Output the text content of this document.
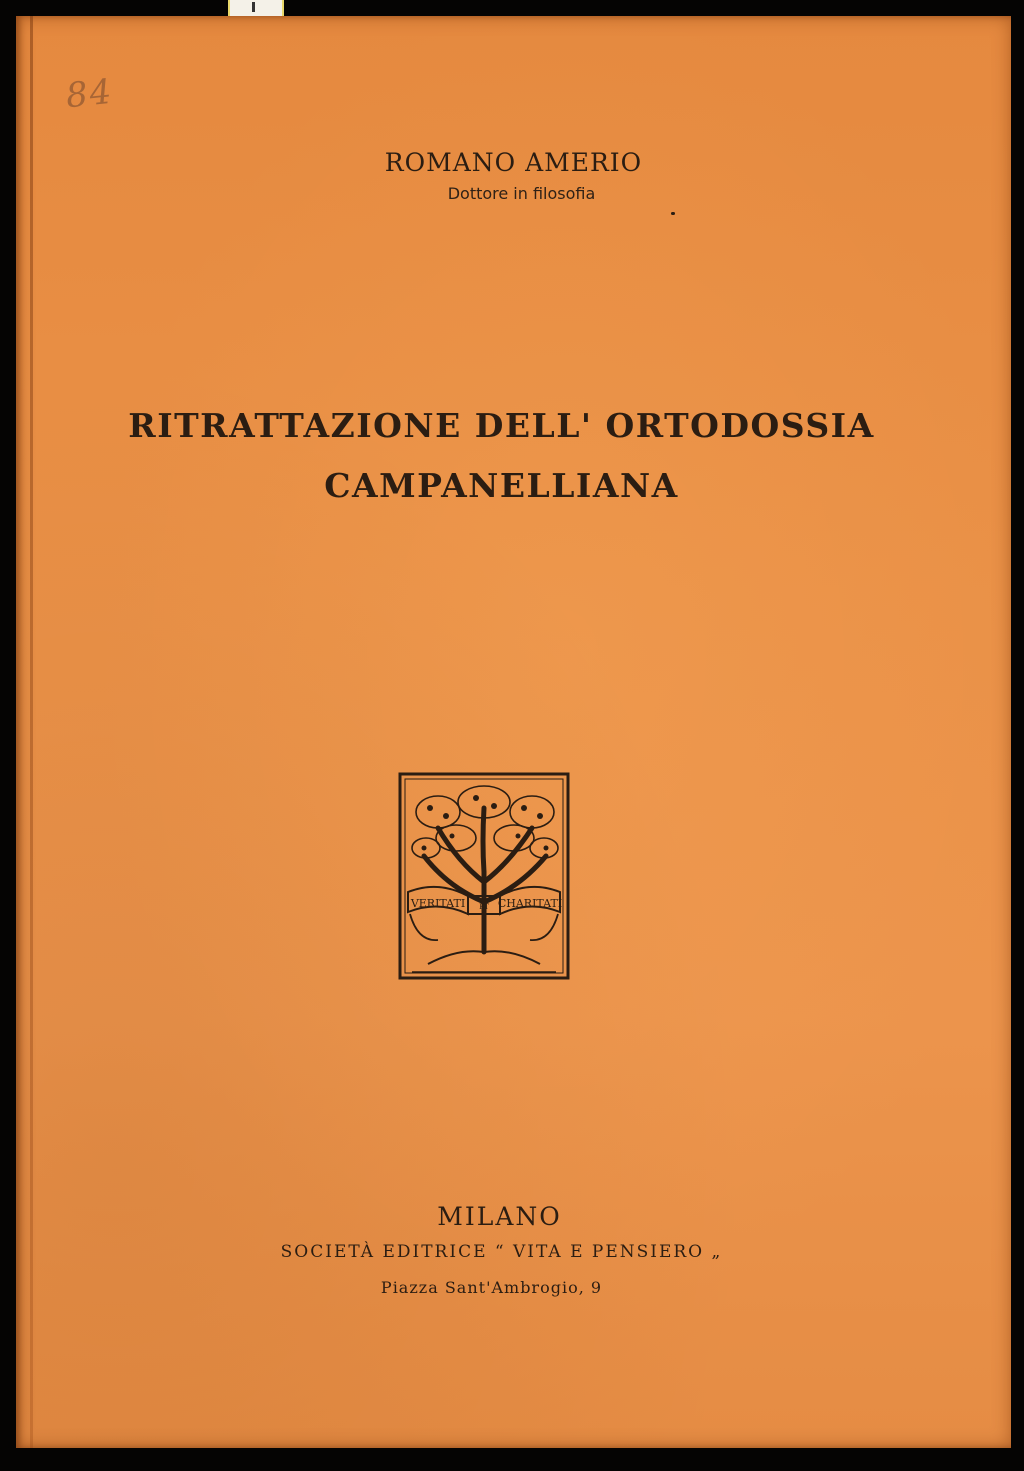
84
ROMANO AMERIO
Dottore in filosofia
RITRATTAZIONE DELL' ORTODOSSIA
CAMPANELLIANA
VERITATI ET CHARITATI
MILANO
SOCIETÀ EDITRICE “ VITA E PENSIERO „
Piazza Sant'Ambrogio, 9
